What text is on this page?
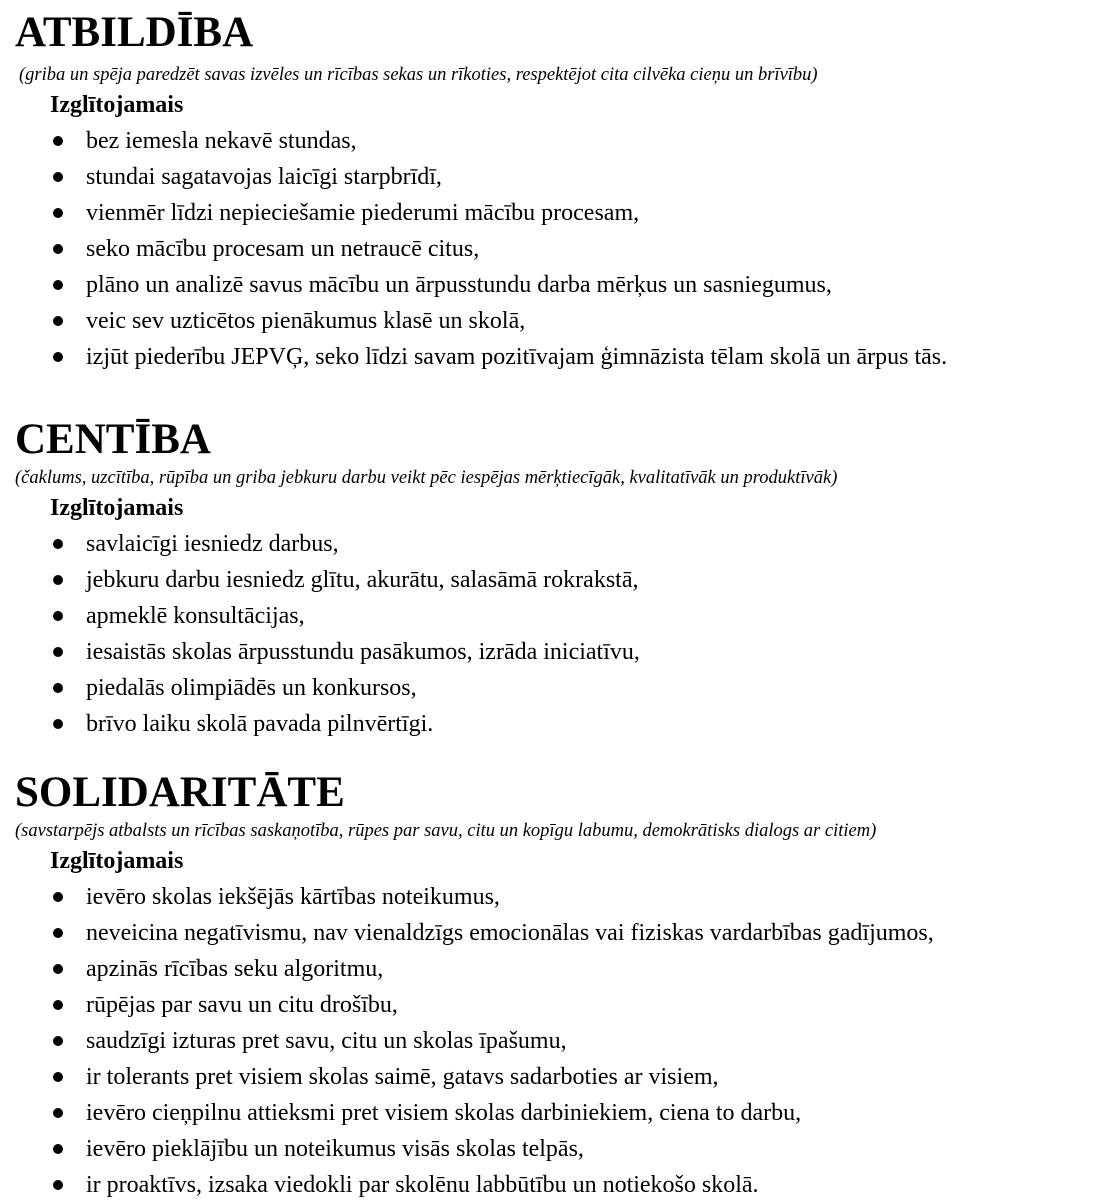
ATBILDĪBA

(griba un spēja paredzēt savas izvēles un rīcības sekas un rīkoties, respektējot cita cilvēka cieņu un brīvību)

Izglītojamais

bez iemesla nekavē stundas,
stundai sagatavojas laicīgi starpbrīdī,
vienmēr līdzi nepieciešamie piederumi mācību procesam,
seko mācību procesam un netraucē citus,
plāno un analizē savus mācību un ārpusstundu darba mērķus un sasniegumus,
veic sev uzticētos pienākumus klasē un skolā,
izjūt piederību JEPVĢ, seko līdzi savam pozitīvajam ģimnāzista tēlam skolā un ārpus tās.
CENTĪBA

(čaklums, uzcītība, rūpība un griba jebkuru darbu veikt pēc iespējas mērķtiecīgāk, kvalitatīvāk un produktīvāk)

Izglītojamais

savlaicīgi iesniedz darbus,
jebkuru darbu iesniedz glītu, akurātu, salasāmā rokrakstā,
apmeklē konsultācijas,
iesaistās skolas ārpusstundu pasākumos, izrāda iniciatīvu,
piedalās olimpiādēs un konkursos,
brīvo laiku skolā pavada pilnvērtīgi.
SOLIDARITĀTE

(savstarpējs atbalsts un rīcības saskaņotība, rūpes par savu, citu un kopīgu labumu, demokrātisks dialogs ar citiem)

Izglītojamais

ievēro skolas iekšējās kārtības noteikumus,
neveicina negatīvismu, nav vienaldzīgs emocionālas vai fiziskas vardarbības gadījumos,
apzinās rīcības seku algoritmu,
rūpējas par savu un citu drošību,
saudzīgi izturas pret savu, citu un skolas īpašumu,
ir tolerants pret visiem skolas saimē, gatavs sadarboties ar visiem,
ievēro cieņpilnu attieksmi pret visiem skolas darbiniekiem, ciena to darbu,
ievēro pieklājību un noteikumus visās skolas telpās,
ir proaktīvs, izsaka viedokli par skolēnu labbūtību un notiekošo skolā.
